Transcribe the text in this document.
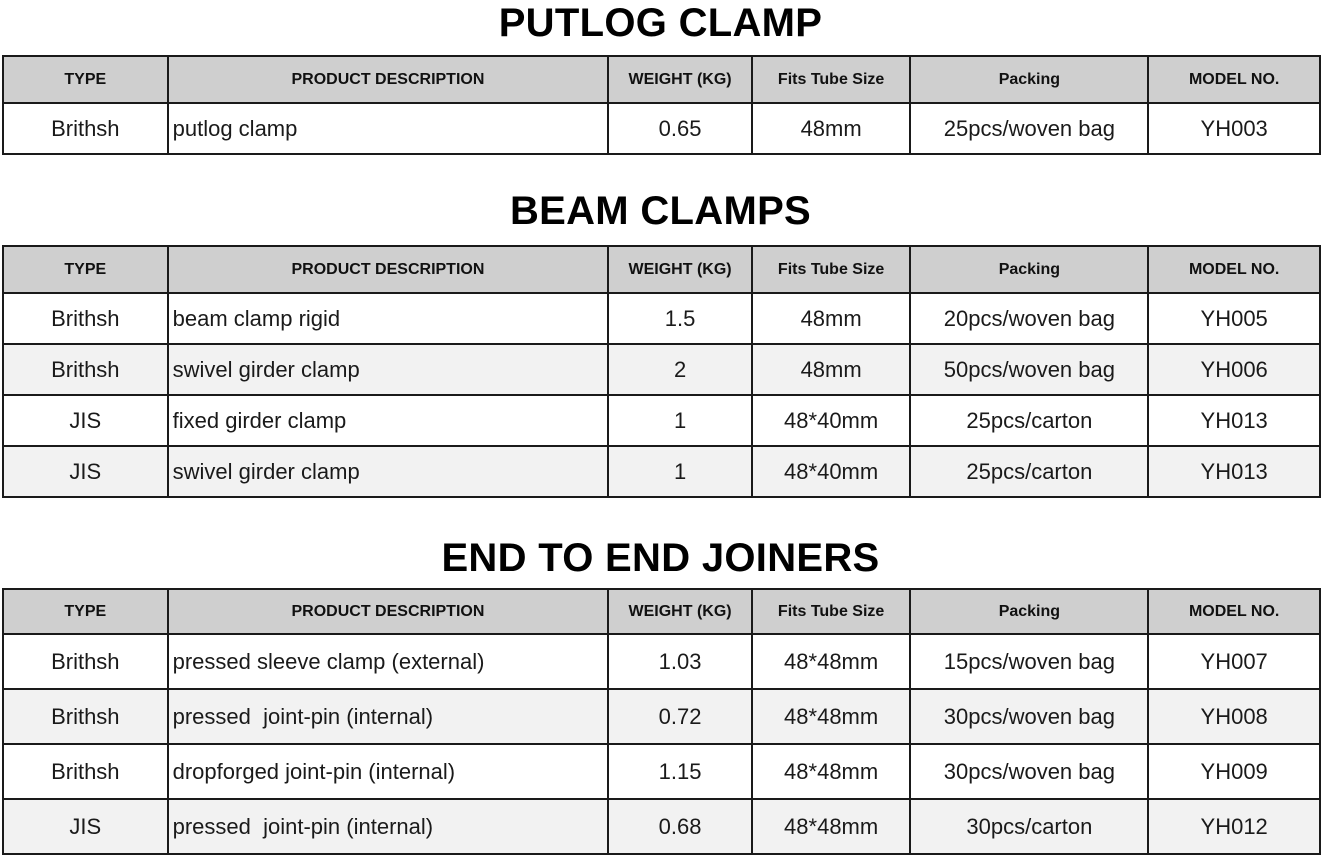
PUTLOG CLAMP
TYPE	PRODUCT DESCRIPTION	WEIGHT (KG)	Fits Tube Size	Packing	MODEL NO.
Brithsh	putlog clamp	0.65	48mm	25pcs/woven bag	YH003
BEAM CLAMPS
TYPE	PRODUCT DESCRIPTION	WEIGHT (KG)	Fits Tube Size	Packing	MODEL NO.
Brithsh	beam clamp rigid	1.5	48mm	20pcs/woven bag	YH005
Brithsh	swivel girder clamp	2	48mm	50pcs/woven bag	YH006
JIS	fixed girder clamp	1	48*40mm	25pcs/carton	YH013
JIS	swivel girder clamp	1	48*40mm	25pcs/carton	YH013
END TO END JOINERS
TYPE	PRODUCT DESCRIPTION	WEIGHT (KG)	Fits Tube Size	Packing	MODEL NO.
Brithsh	pressed sleeve clamp (external)	1.03	48*48mm	15pcs/woven bag	YH007
Brithsh	pressed  joint-pin (internal)	0.72	48*48mm	30pcs/woven bag	YH008
Brithsh	dropforged joint-pin (internal)	1.15	48*48mm	30pcs/woven bag	YH009
JIS	pressed  joint-pin (internal)	0.68	48*48mm	30pcs/carton	YH012
